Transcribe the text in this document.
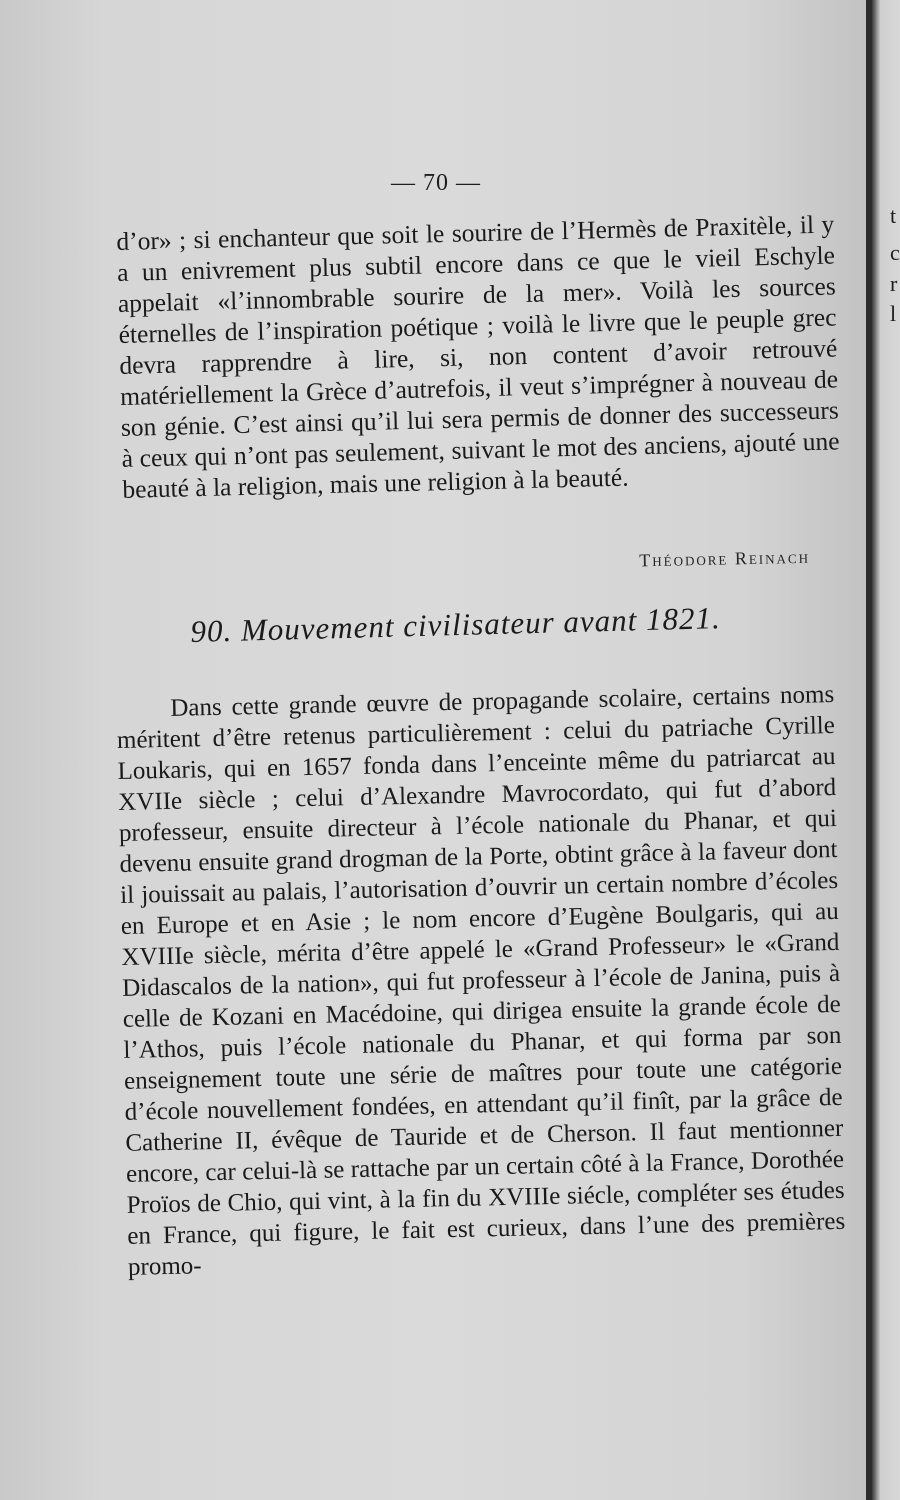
— 70 —

d’or» ; si enchanteur que soit le sourire de l’Hermès de Praxitèle, il y a un enivrement plus subtil encore dans ce que le vieil Eschyle appelait «l’innombrable sourire de la mer». Voilà les sources éternelles de l’inspiration poétique ; voilà le livre que le peuple grec devra rapprendre à lire, si, non content d’avoir retrouvé matériellement la Grèce d’autrefois, il veut s’imprégner à nouveau de son génie. C’est ainsi qu’il lui sera permis de donner des successeurs à ceux qui n’ont pas seulement, suivant le mot des anciens, ajouté une beauté à la religion, mais une religion à la beauté.

Théodore Reinach
90. Mouvement civilisateur avant 1821.

Dans cette grande œuvre de propagande scolaire, certains noms méritent d’être retenus particulièrement : celui du patriache Cyrille Loukaris, qui en 1657 fonda dans l’enceinte même du patriarcat au XVIIe siècle ; celui d’Alexandre Mavrocordato, qui fut d’abord professeur, ensuite directeur à l’école nationale du Phanar, et qui devenu ensuite grand drogman de la Porte, obtint grâce à la faveur dont il jouissait au palais, l’autorisation d’ouvrir un certain nombre d’écoles en Europe et en Asie ; le nom encore d’Eugène Boulgaris, qui au XVIIIe siècle, mérita d’être appelé le «Grand Professeur» le «Grand Didascalos de la nation», qui fut professeur à l’école de Janina, puis à celle de Kozani en Macédoine, qui dirigea ensuite la grande école de l’Athos, puis l’école nationale du Phanar, et qui forma par son enseignement toute une série de maîtres pour toute une catégorie d’école nouvellement fondées, en attendant qu’il finît, par la grâce de Catherine II, évêque de Tauride et de Cherson. Il faut mentionner encore, car celui-là se rattache par un certain côté à la France, Dorothée Proïos de Chio, qui vint, à la fin du XVIIIe siécle, compléter ses études en France, qui figure, le fait est curieux, dans l’une des premières promo-

t
c
r
l
